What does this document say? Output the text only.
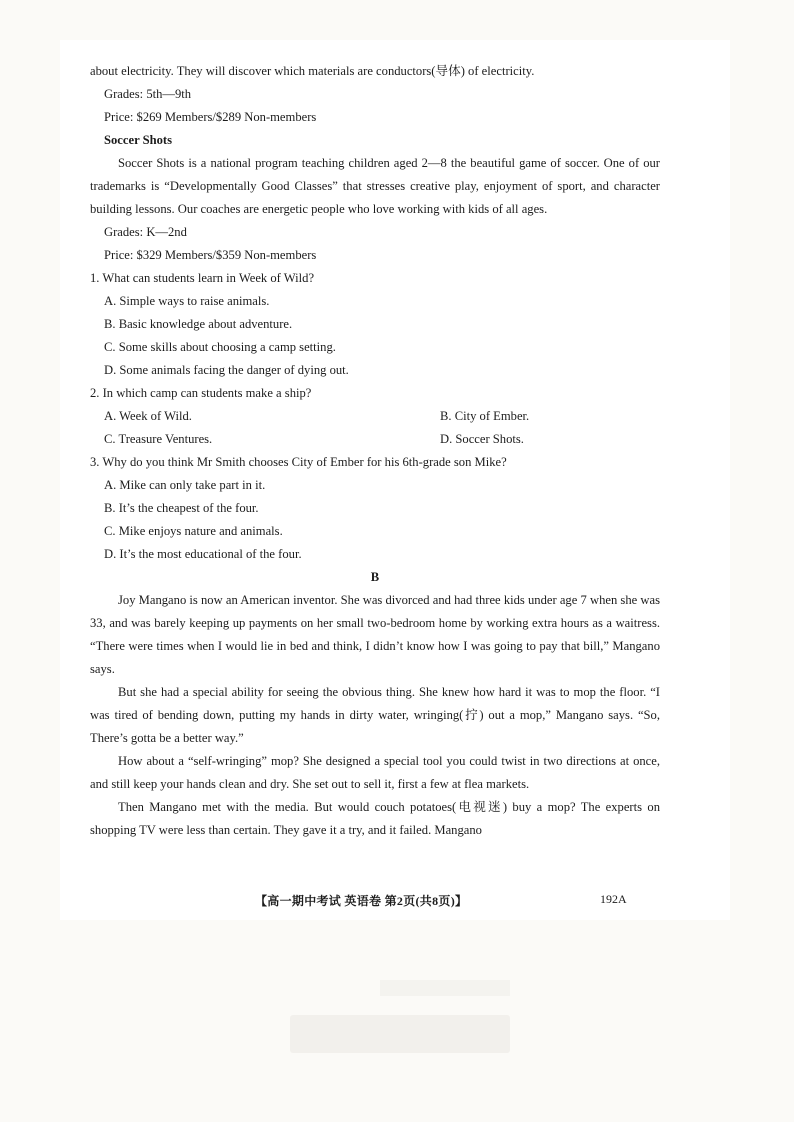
about electricity. They will discover which materials are conductors(导体) of electricity.

Grades: 5th—9th

Price: $269 Members/$289 Non-members

Soccer Shots

Soccer Shots is a national program teaching children aged 2—8 the beautiful game of soccer. One of our trademarks is “Developmentally Good Classes” that stresses creative play, enjoyment of sport, and character building lessons. Our coaches are energetic people who love working with kids of all ages.

Grades: K—2nd

Price: $329 Members/$359 Non-members

1. What can students learn in Week of Wild?

A. Simple ways to raise animals.

B. Basic knowledge about adventure.

C. Some skills about choosing a camp setting.

D. Some animals facing the danger of dying out.

2. In which camp can students make a ship?

A. Week of Wild.	B. City of Ember.
C. Treasure Ventures.	D. Soccer Shots.

3. Why do you think Mr Smith chooses City of Ember for his 6th-grade son Mike?

A. Mike can only take part in it.

B. It’s the cheapest of the four.

C. Mike enjoys nature and animals.

D. It’s the most educational of the four.

B

Joy Mangano is now an American inventor. She was divorced and had three kids under age 7 when she was 33, and was barely keeping up payments on her small two-bedroom home by working extra hours as a waitress. “There were times when I would lie in bed and think, I didn’t know how I was going to pay that bill,” Mangano says.

But she had a special ability for seeing the obvious thing. She knew how hard it was to mop the floor. “I was tired of bending down, putting my hands in dirty water, wringing(拧) out a mop,” Mangano says. “So, There’s gotta be a better way.”

How about a “self-wringing” mop? She designed a special tool you could twist in two directions at once, and still keep your hands clean and dry. She set out to sell it, first a few at flea markets.

Then Mangano met with the media. But would couch potatoes(电视迷) buy a mop? The experts on shopping TV were less than certain. They gave it a try, and it failed. Mangano

【高一期中考试 英语卷 第2页(共8页)】	192A
